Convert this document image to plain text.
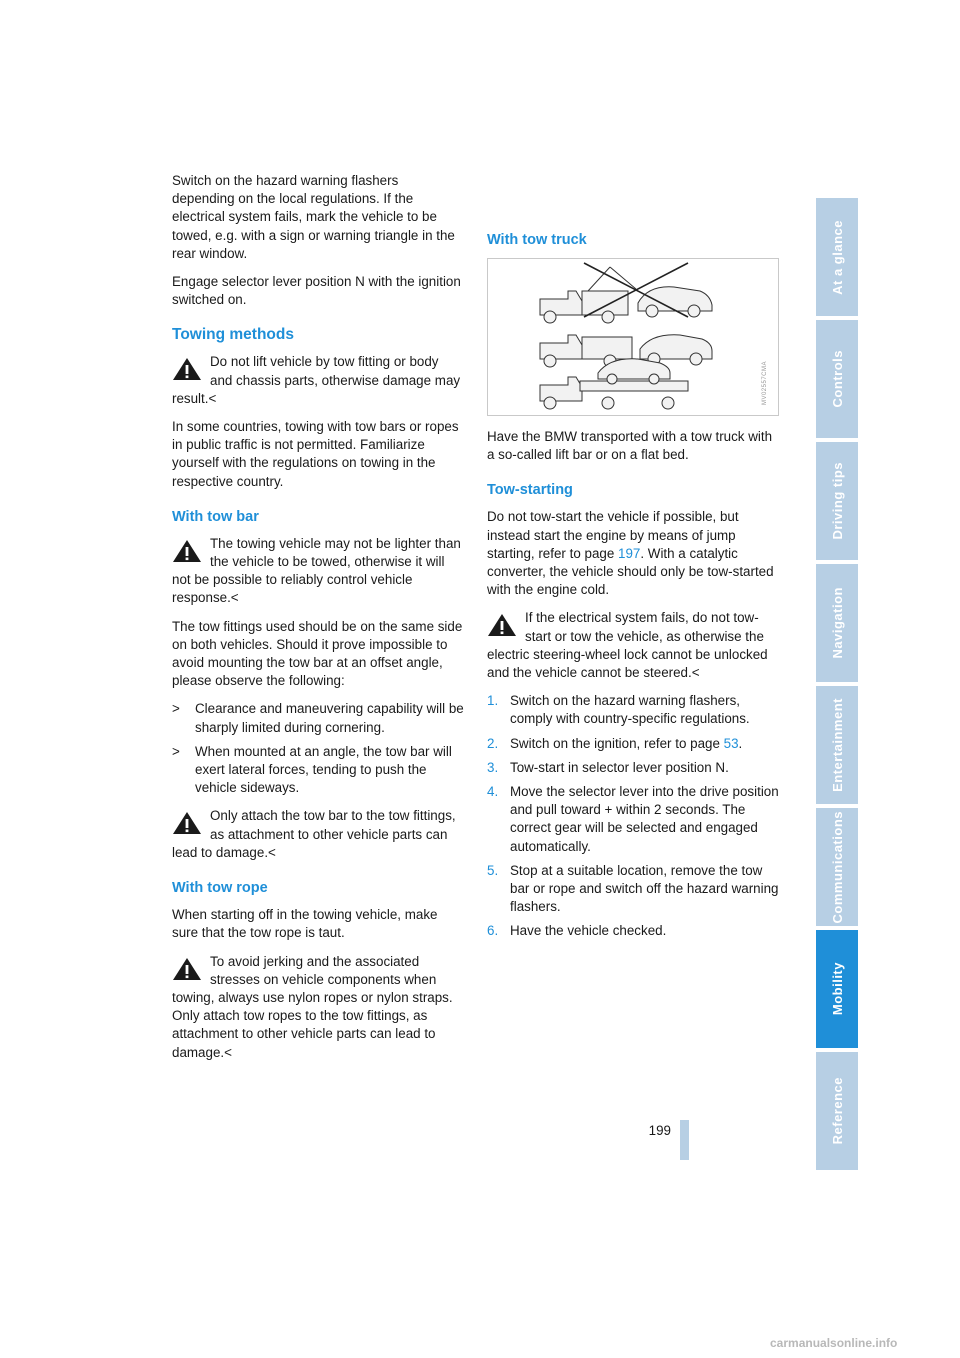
Switch on the hazard warning flashers depending on the local regulations. If the electrical system fails, mark the vehicle to be towed, e.g. with a sign or warning triangle in the rear window.

Engage selector lever position N with the ignition switched on.

Towing methods
Do not lift vehicle by tow fitting or body and chassis parts, otherwise damage may result.<

In some countries, towing with tow bars or ropes in public traffic is not permitted. Familiarize yourself with the regulations on towing in the respective country.

With tow bar
The towing vehicle may not be lighter than the vehicle to be towed, otherwise it will not be possible to reliably control vehicle response.<

The tow fittings used should be on the same side on both vehicles. Should it prove impossible to avoid mounting the tow bar at an offset angle, please observe the following:

> Clearance and maneuvering capability will be sharply limited during cornering.
> When mounted at an angle, the tow bar will exert lateral forces, tending to push the vehicle sideways.
Only attach the tow bar to the tow fittings, as attachment to other vehicle parts can lead to damage.<
With tow rope

When starting off in the towing vehicle, make sure that the tow rope is taut.

To avoid jerking and the associated stresses on vehicle components when towing, always use nylon ropes or nylon straps. Only attach tow ropes to the tow fittings, as attachment to other vehicle parts can lead to damage.<
With tow truck
MV02557CMA

Have the BMW transported with a tow truck with a so-called lift bar or on a flat bed.

Tow-starting

Do not tow-start the vehicle if possible, but instead start the engine by means of jump starting, refer to page 197. With a catalytic converter, the vehicle should only be tow-started with the engine cold.

If the electrical system fails, do not tow-start or tow the vehicle, as otherwise the electric steering-wheel lock cannot be unlocked and the vehicle cannot be steered.<
1. Switch on the hazard warning flashers, comply with country-specific regulations.
2. Switch on the ignition, refer to page 53.
3. Tow-start in selector lever position N.
4. Move the selector lever into the drive position and pull toward + within 2 seconds. The correct gear will be selected and engaged automatically.
5. Stop at a suitable location, remove the tow bar or rope and switch off the hazard warning flashers.
6. Have the vehicle checked.
At a glance
Controls
Driving tips
Navigation
Entertainment
Communications
Mobility
Reference
199
carmanualsonline.info
